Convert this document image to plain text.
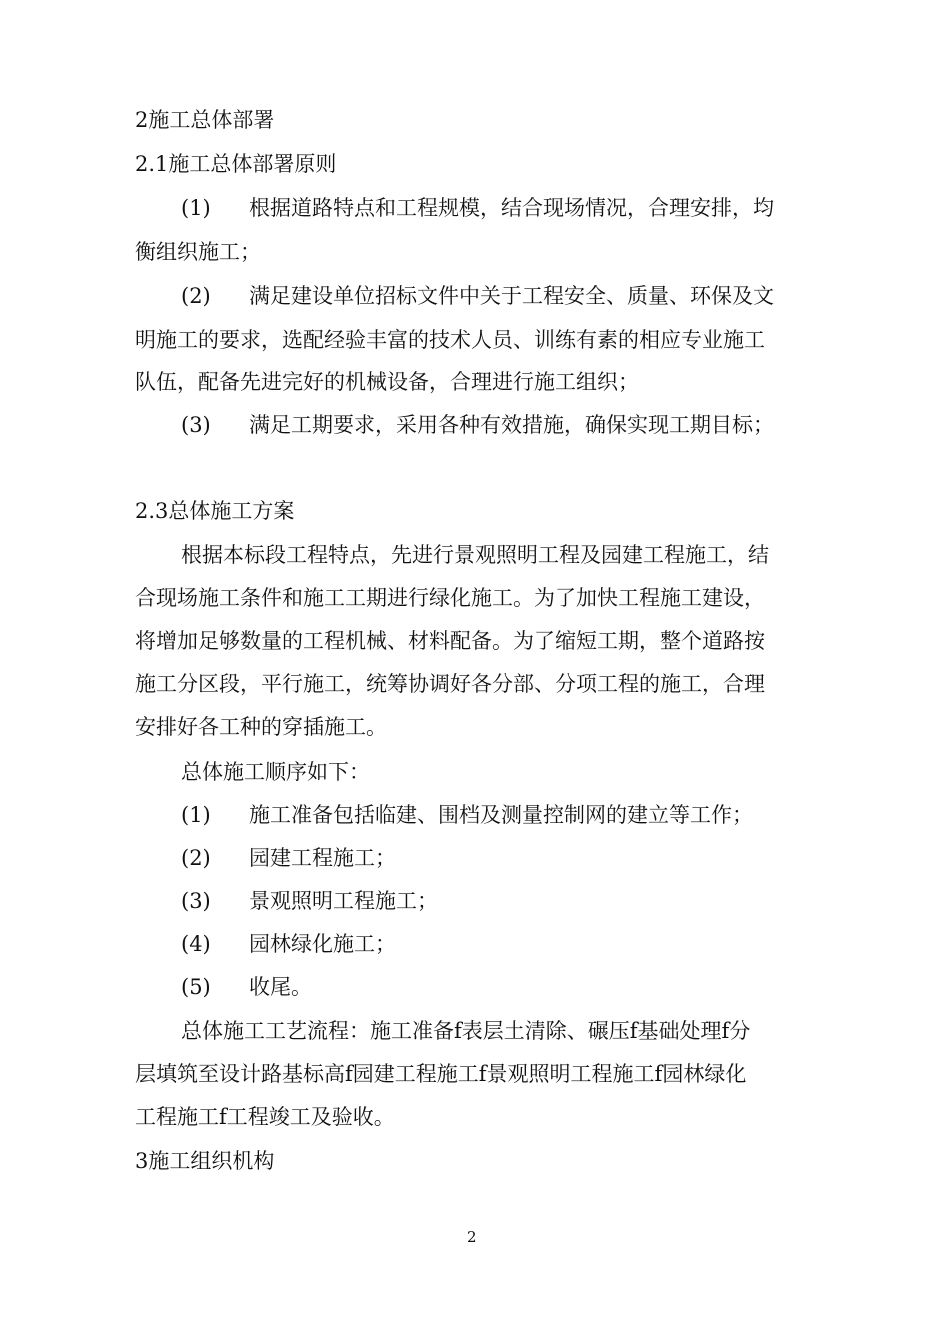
2施工总体部署
2.1施工总体部署原则
(1) 根据道路特点和工程规模，结合现场情况，合理安排，均
衡组织施工；
(2) 满足建设单位招标文件中关于工程安全、质量、环保及文
明施工的要求，选配经验丰富的技术人员、训练有素的相应专业施工
队伍，配备先进完好的机械设备，合理进行施工组织；
(3) 满足工期要求，采用各种有效措施，确保实现工期目标；
2.3总体施工方案
根据本标段工程特点，先进行景观照明工程及园建工程施工，结
合现场施工条件和施工工期进行绿化施工。为了加快工程施工建设，
将增加足够数量的工程机械、材料配备。为了缩短工期，整个道路按
施工分区段，平行施工，统筹协调好各分部、分项工程的施工，合理
安排好各工种的穿插施工。
总体施工顺序如下：
(1) 施工准备包括临建、围档及测量控制网的建立等工作；
(2) 园建工程施工；
(3) 景观照明工程施工；
(4) 园林绿化施工；
(5) 收尾。
总体施工工艺流程：施工准备f表层土清除、碾压f基础处理f分
层填筑至设计路基标高f园建工程施工f景观照明工程施工f园林绿化
工程施工f工程竣工及验收。
3施工组织机构
2
